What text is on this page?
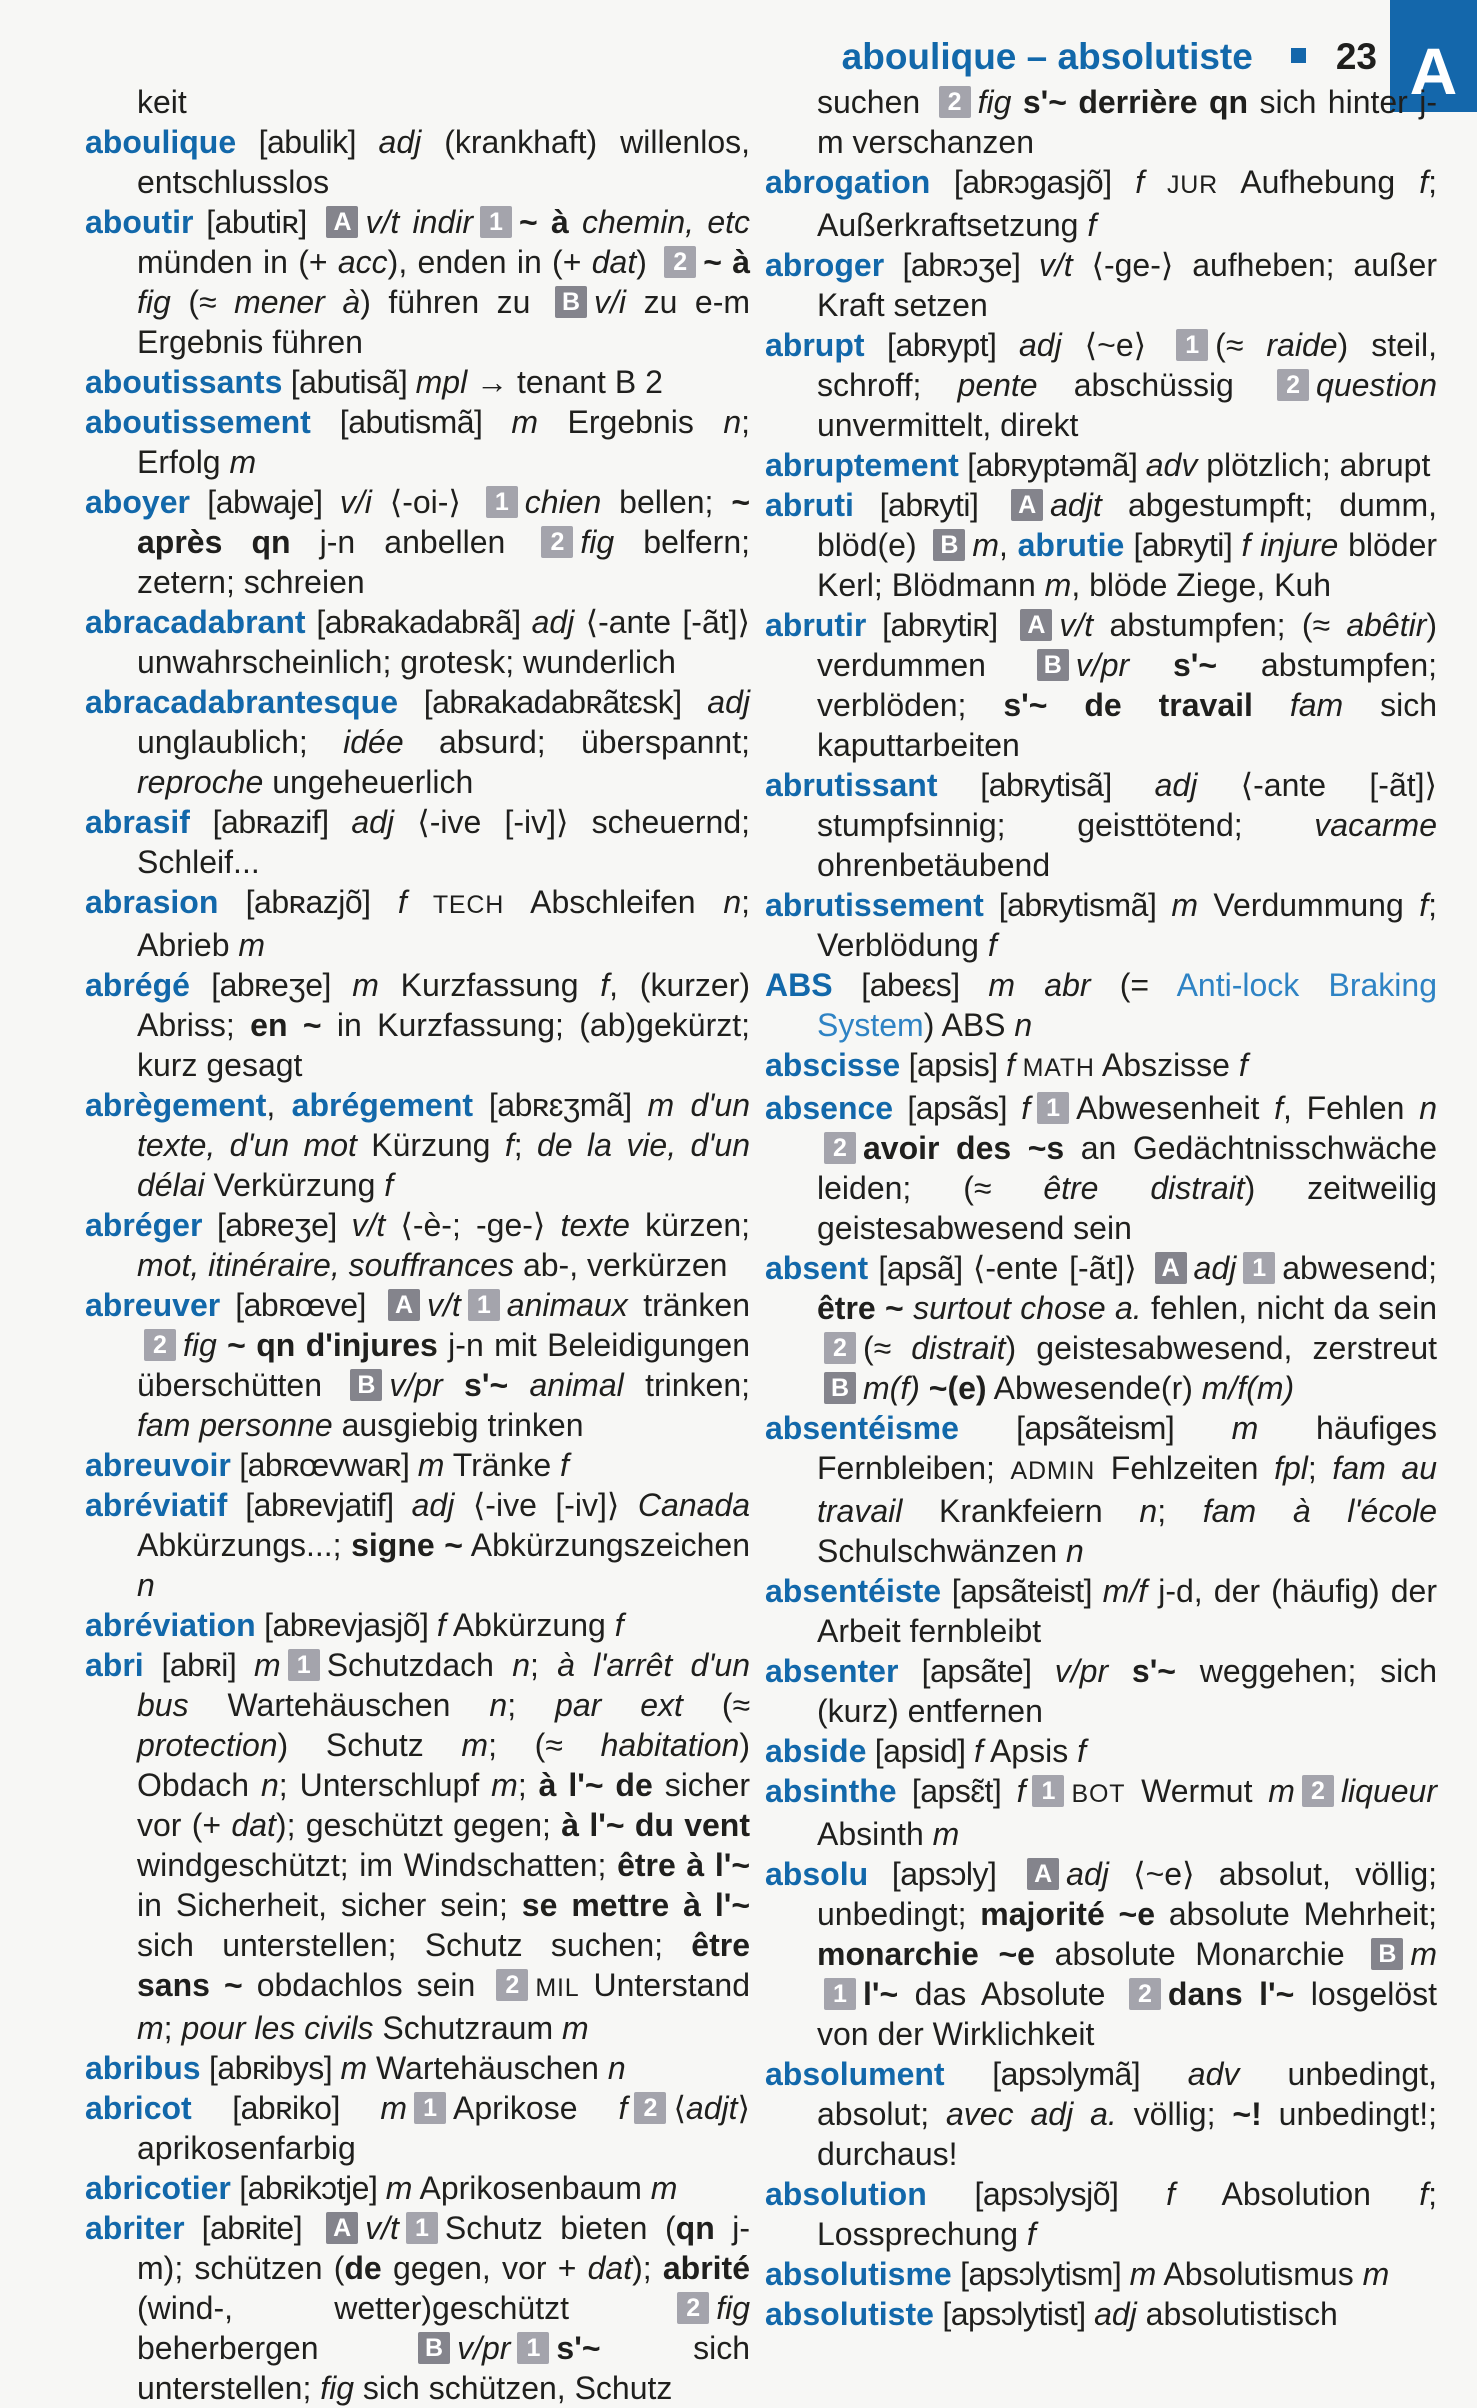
aboulique – absolutiste 23 A

keit

aboulique [abulik] adj (krankhaft) willenlos, entschlusslos

aboutir [abutiʀ] A v/t indir 1 ~ à chemin, etc münden in (+ acc), enden in (+ dat) 2 ~ à fig (≈ mener à) führen zu B v/i zu e-m Ergebnis führen

aboutissants [abutisã] mpl → tenant B 2

aboutissement [abutismã] m Ergebnis n; Erfolg m

aboyer [abwaje] v/i ⟨-oi-⟩ 1 chien bellen; ~ après qn j-n anbellen 2 fig belfern; zetern; schreien

abracadabrant [abʀakadabʀã] adj ⟨-ante [-ãt]⟩ unwahrscheinlich; grotesk; wunderlich

abracadabrantesque [abʀakadabʀãtɛsk] adj unglaublich; idée absurd; überspannt; reproche ungeheuerlich

abrasif [abʀazif] adj ⟨-ive [-iv]⟩ scheuernd; Schleif...

abrasion [abʀazjõ] f TECH Abschleifen n; Abrieb m

abrégé [abʀeʒe] m Kurzfassung f, (kurzer) Abriss; en ~ in Kurzfassung; (ab)gekürzt; kurz gesagt

abrègement, abrégement [abʀɛʒmã] m d'un texte, d'un mot Kürzung f; de la vie, d'un délai Verkürzung f

abréger [abʀeʒe] v/t ⟨-è-; -ge-⟩ texte kürzen; mot, itinéraire, souffrances ab-, verkürzen

abreuver [abʀœve] A v/t 1 animaux tränken 2 fig ~ qn d'injures j-n mit Beleidigungen überschütten B v/pr s'~ animal trinken; fam personne ausgiebig trinken

abreuvoir [abʀœvwaʀ] m Tränke f

abréviatif [abʀevjatif] adj ⟨-ive [-iv]⟩ Canada Abkürzungs...; signe ~ Abkürzungszeichen n

abréviation [abʀevjasjõ] f Abkürzung f

abri [abʀi] m 1 Schutzdach n; à l'arrêt d'un bus Wartehäuschen n; par ext (≈ protection) Schutz m; (≈ habitation) Obdach n; Unterschlupf m; à l'~ de sicher vor (+ dat); geschützt gegen; à l'~ du vent windgeschützt; im Windschatten; être à l'~ in Sicherheit, sicher sein; se mettre à l'~ sich unterstellen; Schutz suchen; être sans ~ obdachlos sein 2 MIL Unterstand m; pour les civils Schutzraum m

abribus [abʀibys] m Wartehäuschen n

abricot [abʀiko] m 1 Aprikose f 2 ⟨adjt⟩ aprikosenfarbig

abricotier [abʀikɔtje] m Aprikosenbaum m

abriter [abʀite] A v/t 1 Schutz bieten (qn j-m); schützen (de gegen, vor + dat); abrité (wind-, wetter)geschützt 2 fig beherbergen B v/pr 1 s'~ sich unterstellen; fig sich schützen, Schutz

suchen 2 fig s'~ derrière qn sich hinter j-m verschanzen

abrogation [abʀɔgasjõ] f JUR Aufhebung f; Außerkraftsetzung f

abroger [abʀɔʒe] v/t ⟨-ge-⟩ aufheben; außer Kraft setzen

abrupt [abʀypt] adj ⟨~e⟩ 1 (≈ raide) steil, schroff; pente abschüssig 2 question unvermittelt, direkt

abruptement [abʀyptəmã] adv plötzlich; abrupt

abruti [abʀyti] A adjt abgestumpft; dumm, blöd(e) B m, abrutie [abʀyti] f injure blöder Kerl; Blödmann m, blöde Ziege, Kuh

abrutir [abʀytiʀ] A v/t abstumpfen; (≈ abêtir) verdummen B v/pr s'~ abstumpfen; verblöden; s'~ de travail fam sich kaputtarbeiten

abrutissant [abʀytisã] adj ⟨-ante [-ãt]⟩ stumpfsinnig; geisttötend; vacarme ohrenbetäubend

abrutissement [abʀytismã] m Verdummung f; Verblödung f

ABS [abeɛs] m abr (= Anti-lock Braking System) ABS n

abscisse [apsis] f MATH Abszisse f

absence [apsãs] f 1 Abwesenheit f, Fehlen n2 avoir des ~s an Gedächtnisschwäche leiden; (≈ être distrait) zeitweilig geistesabwesend sein

absent [apsã] ⟨-ente [-ãt]⟩ A adj 1 abwesend; être ~ surtout chose a. fehlen, nicht da sein 2 (≈ distrait) geistesabwesend, zerstreut B m(f) ~(e) Abwesende(r) m/f(m)

absentéisme [apsãteism] m häufiges Fernbleiben; ADMIN Fehlzeiten fpl; fam au travail Krankfeiern n; fam à l'école Schulschwänzen n

absentéiste [apsãteist] m/f j-d, der (häufig) der Arbeit fernbleibt

absenter [apsãte] v/pr s'~ weggehen; sich (kurz) entfernen

abside [apsid] f Apsis f

absinthe [apsɛ̃t] f 1 BOT Wermut m 2 liqueur Absinth m

absolu [apsɔly] A adj ⟨~e⟩ absolut, völlig; unbedingt; majorité ~e absolute Mehrheit; monarchie ~e absolute Monarchie B m1 l'~ das Absolute 2 dans l'~ losgelöst von der Wirklichkeit

absolument [apsɔlymã] adv unbedingt, absolut; avec adj a. völlig; ~! unbedingt!; durchaus!

absolution [apsɔlysjõ] f Absolution f; Lossprechung f

absolutisme [apsɔlytism] m Absolutismus m

absolutiste [apsɔlytist] adj absolutistisch
